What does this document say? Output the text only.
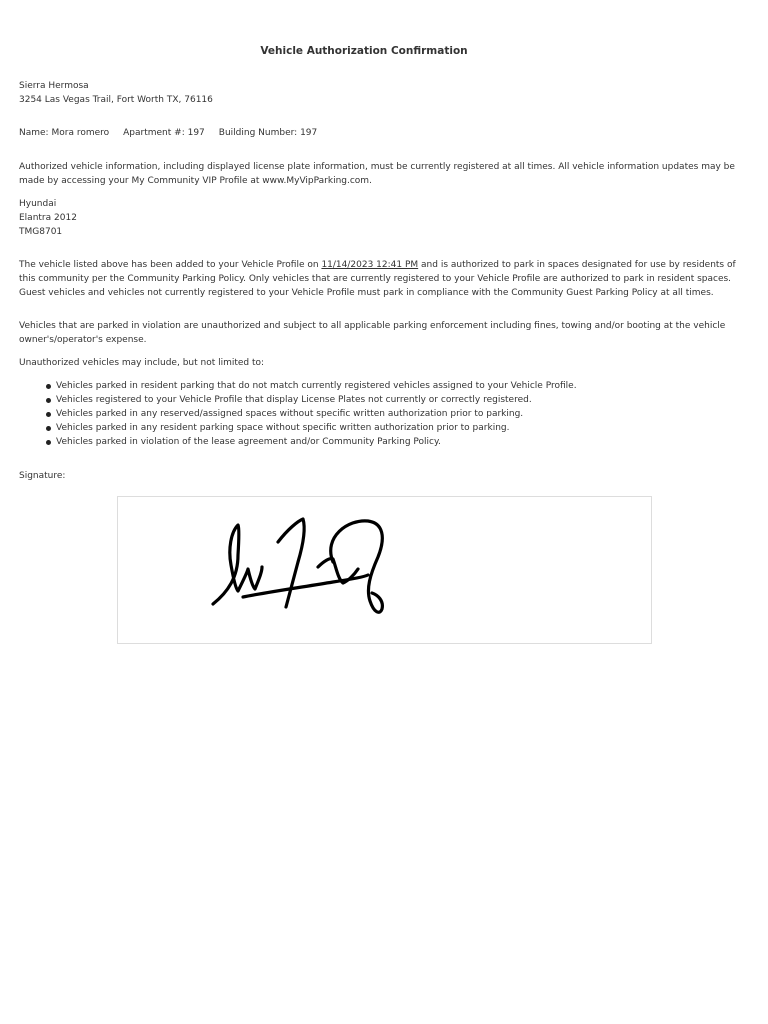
Vehicle Authorization Confirmation
Sierra Hermosa
3254 Las Vegas Trail, Fort Worth TX, 76116
Name: Mora romero Apartment #: 197 Building Number: 197
Authorized vehicle information, including displayed license plate information, must be currently registered at all times. All vehicle information updates may be made by accessing your My Community VIP Profile at www.MyVipParking.com.
Hyundai
Elantra 2012
TMG8701
The vehicle listed above has been added to your Vehicle Profile on 11/14/2023 12:41 PM and is authorized to park in spaces designated for use by residents of this community per the Community Parking Policy. Only vehicles that are currently registered to your Vehicle Profile are authorized to park in resident spaces. Guest vehicles and vehicles not currently registered to your Vehicle Profile must park in compliance with the Community Guest Parking Policy at all times.
Vehicles that are parked in violation are unauthorized and subject to all applicable parking enforcement including fines, towing and/or booting at the vehicle owner's/operator's expense.
Unauthorized vehicles may include, but not limited to:
Vehicles parked in resident parking that do not match currently registered vehicles assigned to your Vehicle Profile.
Vehicles registered to your Vehicle Profile that display License Plates not currently or correctly registered.
Vehicles parked in any reserved/assigned spaces without specific written authorization prior to parking.
Vehicles parked in any resident parking space without specific written authorization prior to parking.
Vehicles parked in violation of the lease agreement and/or Community Parking Policy.
Signature:
